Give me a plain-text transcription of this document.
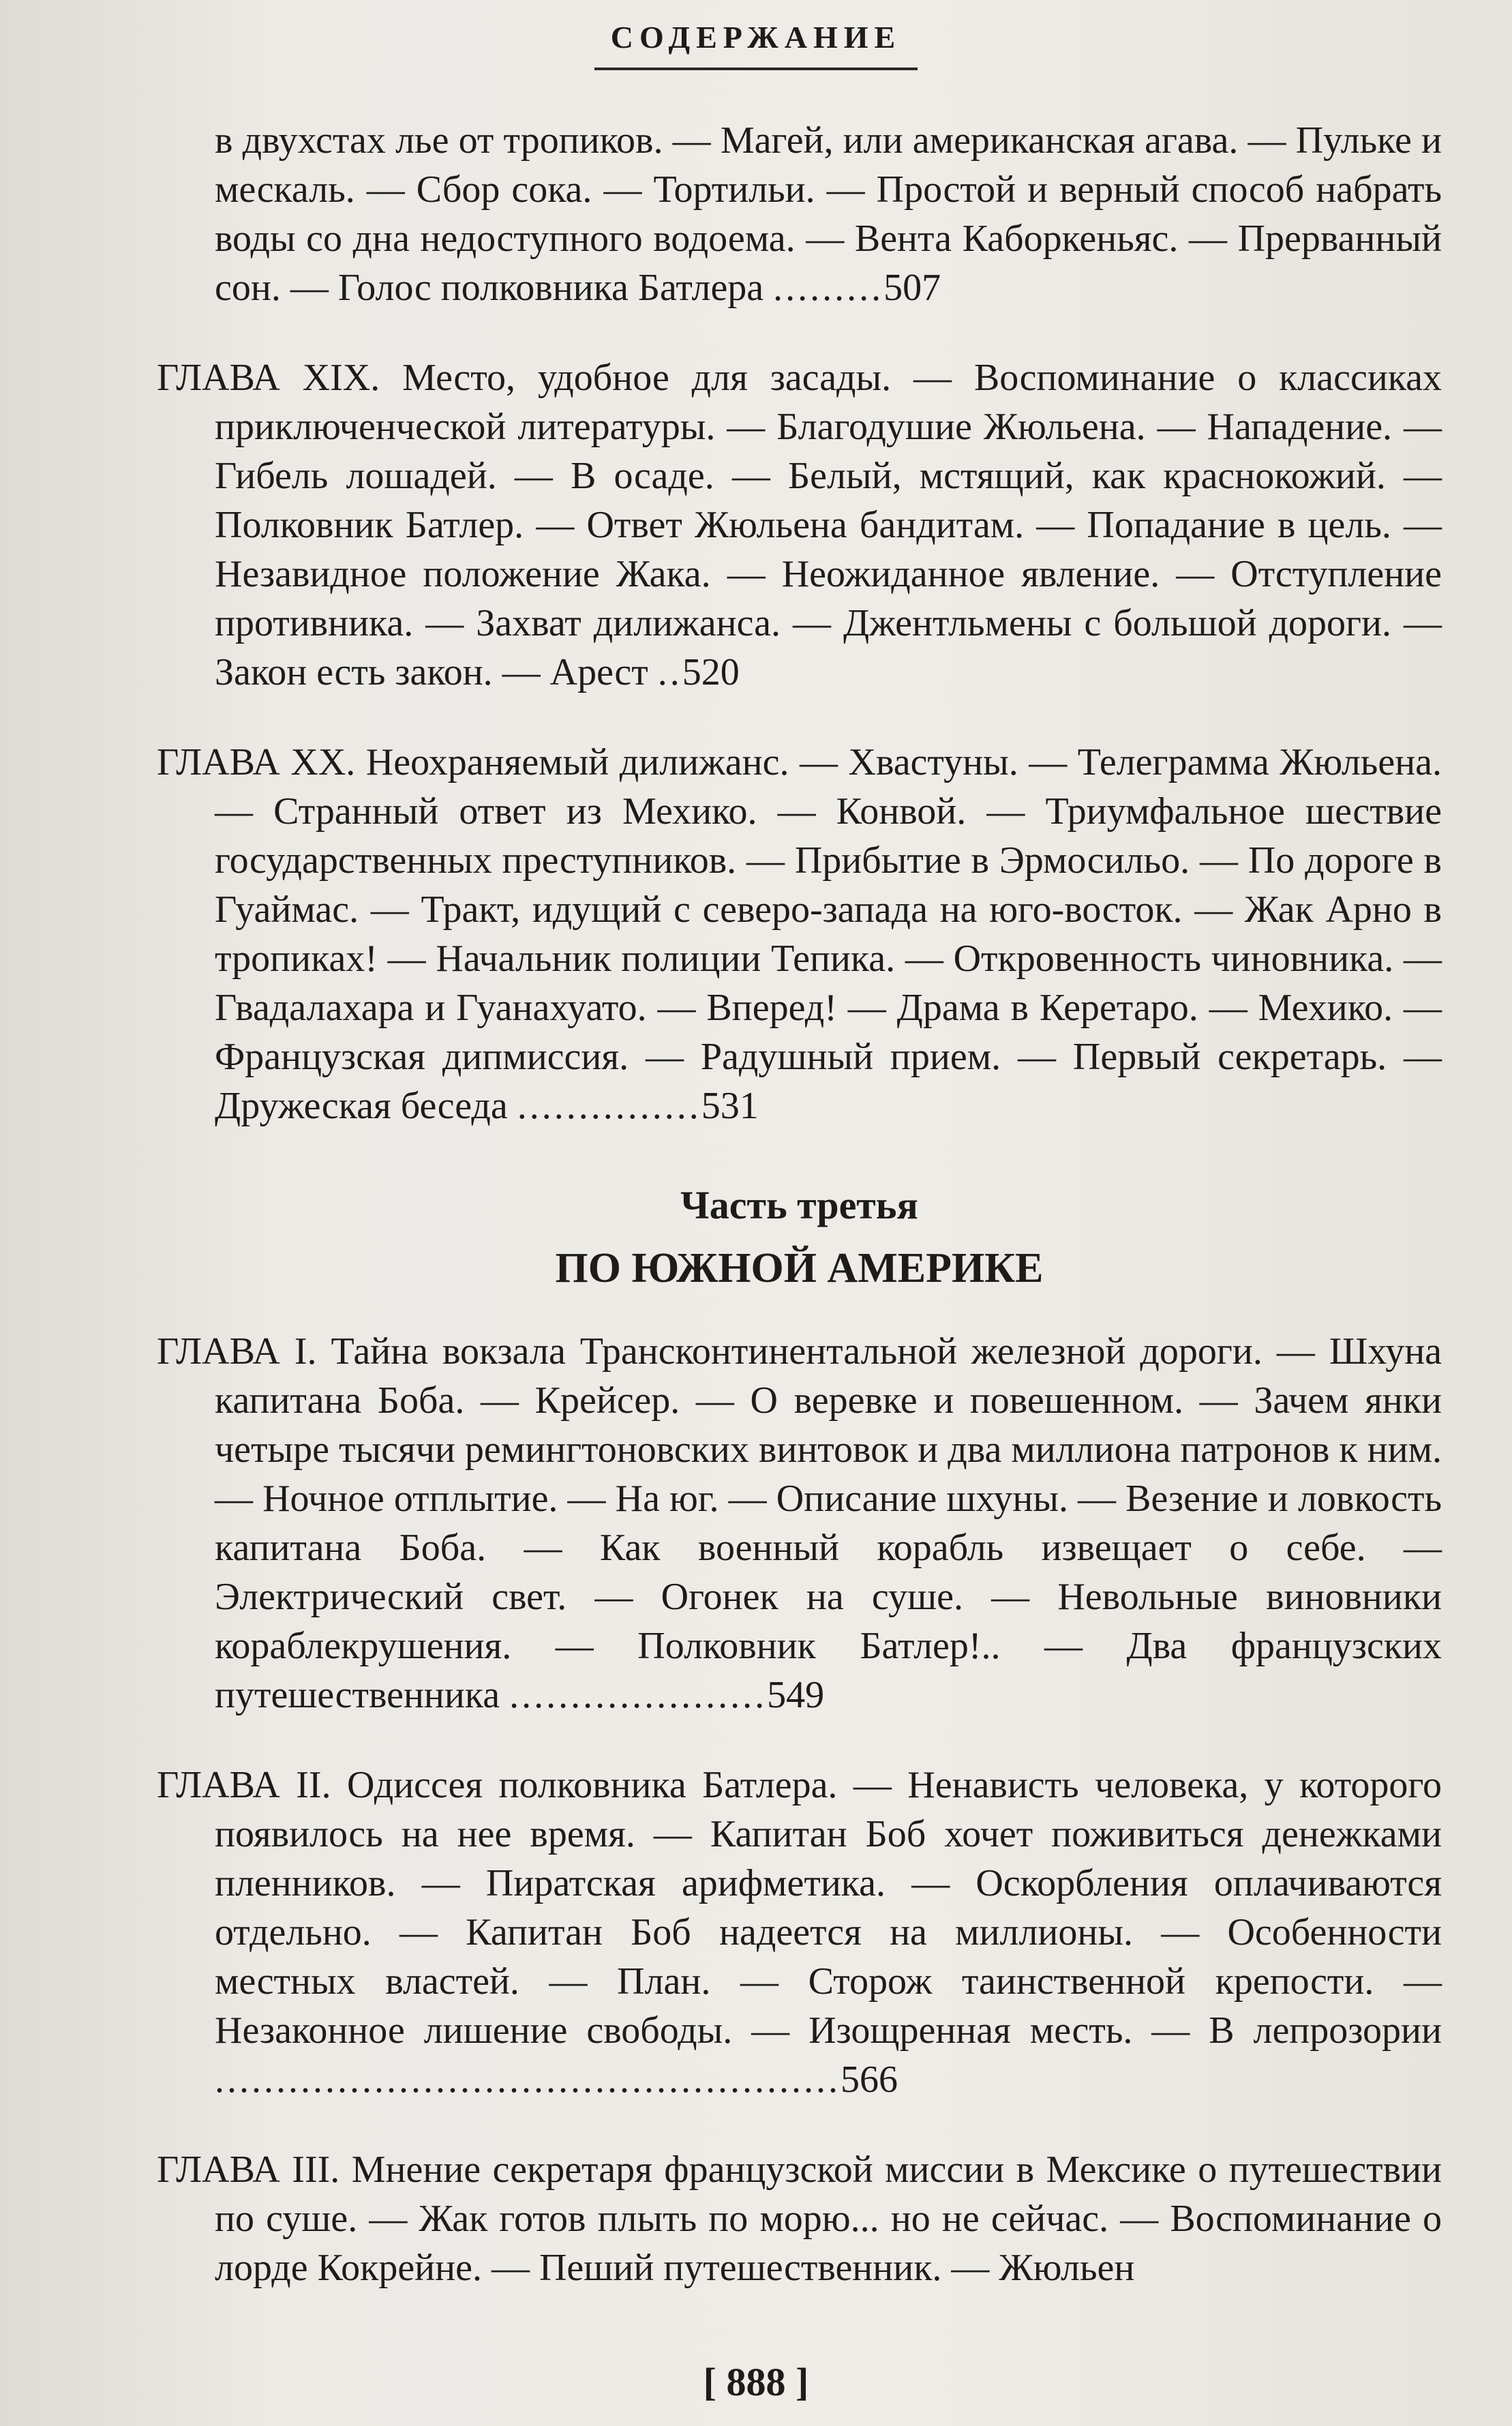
СОДЕРЖАНИЕ
в двухстах лье от тропиков. — Магей, или американская агава. — Пульке и мескаль. — Сбор сока. — Тортильи. — Простой и верный способ набрать воды со дна недоступного водоема. — Вента Каборкеньяс. — Прерванный сон. — Голос полковника Батлера .........507
ГЛАВА XIX. Место, удобное для засады. — Воспоминание о классиках приключенческой литературы. — Благодушие Жюльена. — Нападение. — Гибель лошадей. — В осаде. — Белый, мстящий, как краснокожий. — Полковник Батлер. — Ответ Жюльена бандитам. — Попадание в цель. — Незавидное положение Жака. — Неожиданное явление. — Отступление противника. — Захват дилижанса. — Джентльмены с большой дороги. — Закон есть закон. — Арест ..520
ГЛАВА XX. Неохраняемый дилижанс. — Хвастуны. — Телеграмма Жюльена. — Странный ответ из Мехико. — Конвой. — Триумфальное шествие государственных преступников. — Прибытие в Эрмосильо. — По дороге в Гуаймас. — Тракт, идущий с северо-запада на юго-восток. — Жак Арно в тропиках! — Начальник полиции Тепика. — Откровенность чиновника. — Гвадалахара и Гуанахуато. — Вперед! — Драма в Керетаро. — Мехико. — Французская дипмиссия. — Радушный прием. — Первый секретарь. — Дружеская беседа ...............531
Часть третья
ПО ЮЖНОЙ АМЕРИКЕ
ГЛАВА I. Тайна вокзала Трансконтинентальной железной дороги. — Шхуна капитана Боба. — Крейсер. — О веревке и повешенном. — Зачем янки четыре тысячи ремингтоновских винтовок и два миллиона патронов к ним. — Ночное отплытие. — На юг. — Описание шхуны. — Везение и ловкость капитана Боба. — Как военный корабль извещает о себе. — Электрический свет. — Огонек на суше. — Невольные виновники кораблекрушения. — Полковник Батлер!.. — Два французских путешественника .....................549
ГЛАВА II. Одиссея полковника Батлера. — Ненависть человека, у которого появилось на нее время. — Капитан Боб хочет поживиться денежками пленников. — Пиратская арифметика. — Оскорбления оплачиваются отдельно. — Капитан Боб надеется на миллионы. — Особенности местных властей. — План. — Сторож таинственной крепости. — Незаконное лишение свободы. — Изощренная месть. — В лепрозории ...................................................566
ГЛАВА III. Мнение секретаря французской миссии в Мексике о путешествии по суше. — Жак готов плыть по морю... но не сейчас. — Воспоминание о лорде Кокрейне. — Пеший путешественник. — Жюльен
[ 888 ]
